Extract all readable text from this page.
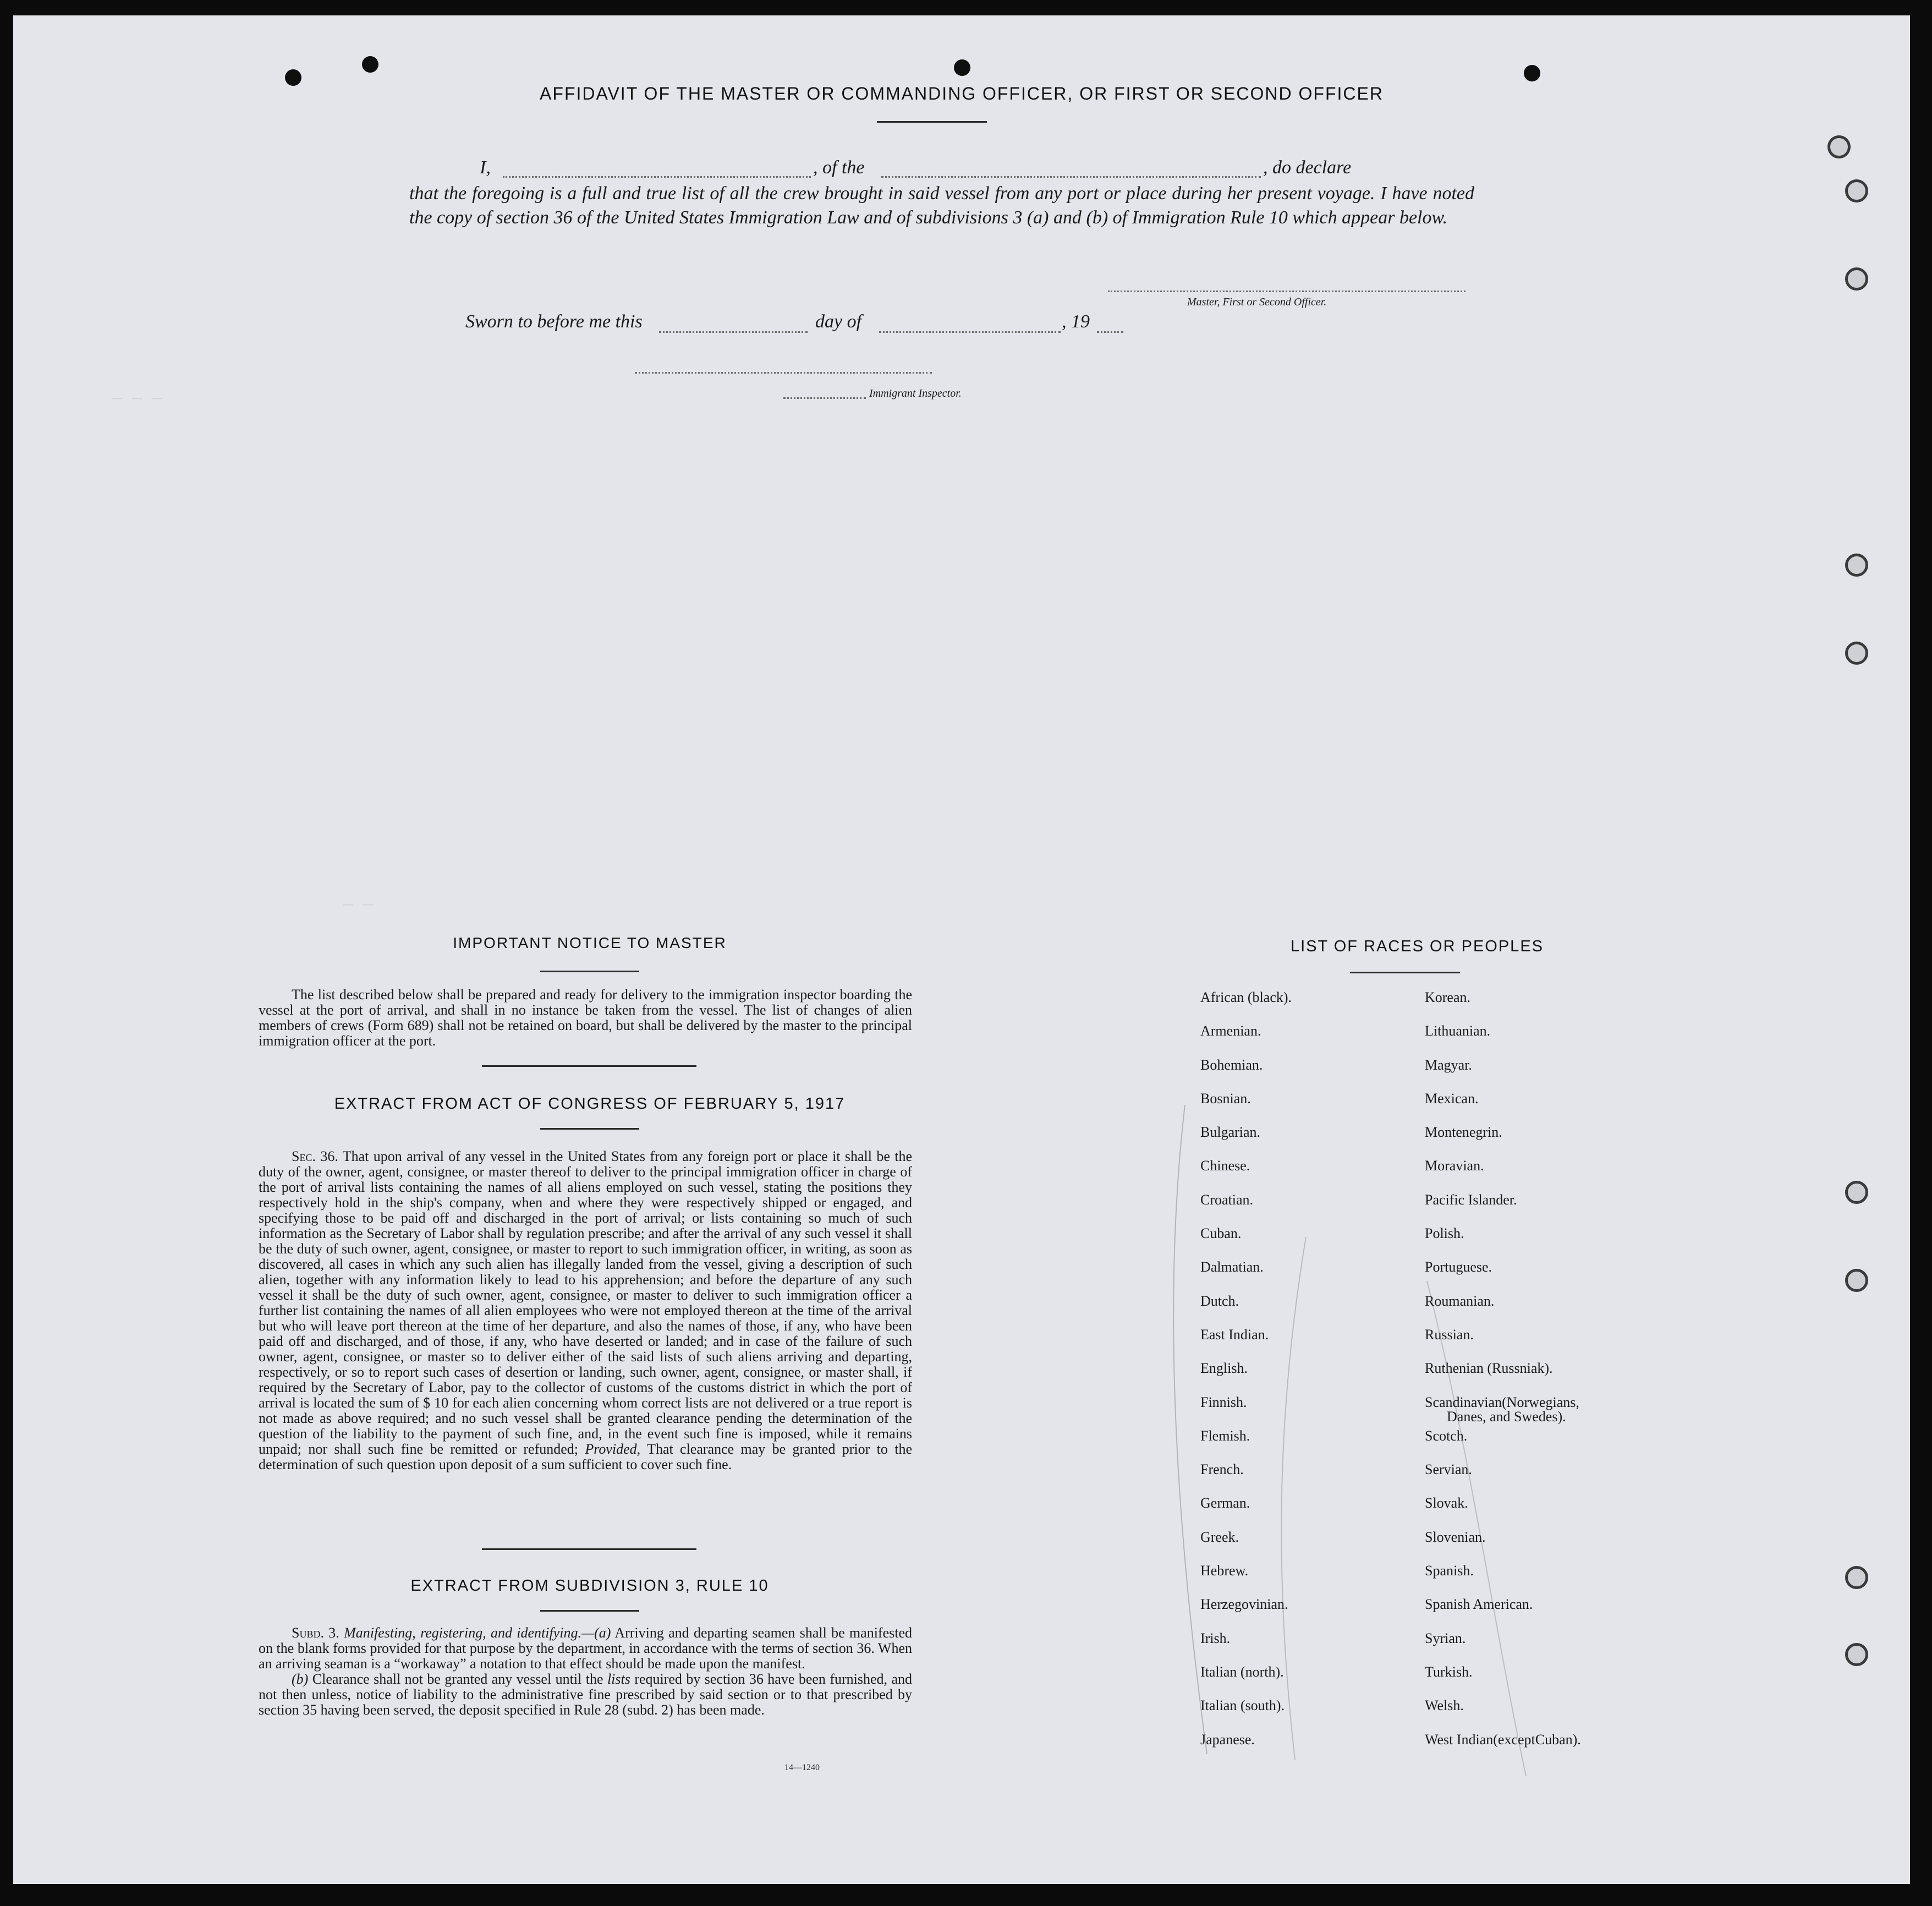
— — —
— —
AFFIDAVIT OF THE MASTER OR COMMANDING OFFICER, OR FIRST OR SECOND OFFICER
I,	, of the	, do declare
that the foregoing is a full and true list of all the crew brought in said vessel from any port or place during her present voyage. I have noted the copy of section 36 of the United States Immigration Law and of subdivisions 3 (a) and (b) of Immigration Rule 10 which appear below.
Master, First or Second Officer.
Sworn to before me this	day of	, 19
Immigrant Inspector.
IMPORTANT NOTICE TO MASTER
The list described below shall be prepared and ready for delivery to the immigration inspector boarding the vessel at the port of arrival, and shall in no instance be taken from the vessel. The list of changes of alien members of crews (Form 689) shall not be retained on board, but shall be delivered by the master to the principal immigration officer at the port.
EXTRACT FROM ACT OF CONGRESS OF FEBRUARY 5, 1917
Sec. 36. That upon arrival of any vessel in the United States from any foreign port or place it shall be the duty of the owner, agent, consignee, or master thereof to deliver to the principal immigration officer in charge of the port of arrival lists containing the names of all aliens employed on such vessel, stating the positions they respectively hold in the ship's company, when and where they were respectively shipped or engaged, and specifying those to be paid off and discharged in the port of arrival; or lists containing so much of such information as the Secretary of Labor shall by regulation prescribe; and after the arrival of any such vessel it shall be the duty of such owner, agent, consignee, or master to report to such immigration officer, in writing, as soon as discovered, all cases in which any such alien has illegally landed from the vessel, giving a description of such alien, together with any information likely to lead to his apprehension; and before the departure of any such vessel it shall be the duty of such owner, agent, consignee, or master to deliver to such immigration officer a further list containing the names of all alien employees who were not employed thereon at the time of the arrival but who will leave port thereon at the time of her departure, and also the names of those, if any, who have been paid off and discharged, and of those, if any, who have deserted or landed; and in case of the failure of such owner, agent, consignee, or master so to deliver either of the said lists of such aliens arriving and departing, respectively, or so to report such cases of desertion or landing, such owner, agent, consignee, or master shall, if required by the Secretary of Labor, pay to the collector of customs of the customs district in which the port of arrival is located the sum of $ 10 for each alien concerning whom correct lists are not delivered or a true report is not made as above required; and no such vessel shall be granted clearance pending the determination of the question of the liability to the payment of such fine, and, in the event such fine is imposed, while it remains unpaid; nor shall such fine be remitted or refunded; Provided, That clearance may be granted prior to the determination of such question upon deposit of a sum sufficient to cover such fine.
EXTRACT FROM SUBDIVISION 3, RULE 10
Subd. 3. Manifesting, registering, and identifying.—(a) Arriving and departing seamen shall be manifested on the blank forms provided for that purpose by the department, in accordance with the terms of section 36. When an arriving seaman is a “workaway” a notation to that effect should be made upon the manifest.
(b) Clearance shall not be granted any vessel until the lists required by section 36 have been furnished, and not then unless, notice of liability to the administrative fine prescribed by said section or to that prescribed by section 35 having been served, the deposit specified in Rule 28 (subd. 2) has been made.
14—1240
LIST OF RACES OR PEOPLES
African (black).
Armenian.
Bohemian.
Bosnian.
Bulgarian.
Chinese.
Croatian.
Cuban.
Dalmatian.
Dutch.
East Indian.
English.
Finnish.
Flemish.
French.
German.
Greek.
Hebrew.
Herzegovinian.
Irish.
Italian (north).
Italian (south).
Japanese.
Korean.
Lithuanian.
Magyar.
Mexican.
Montenegrin.
Moravian.
Pacific Islander.
Polish.
Portuguese.
Roumanian.
Russian.
Ruthenian (Russniak).
Scandinavian(Norwegians,
Danes, and Swedes).
Scotch.
Servian.
Slovak.
Slovenian.
Spanish.
Spanish American.
Syrian.
Turkish.
Welsh.
West Indian(exceptCuban).
